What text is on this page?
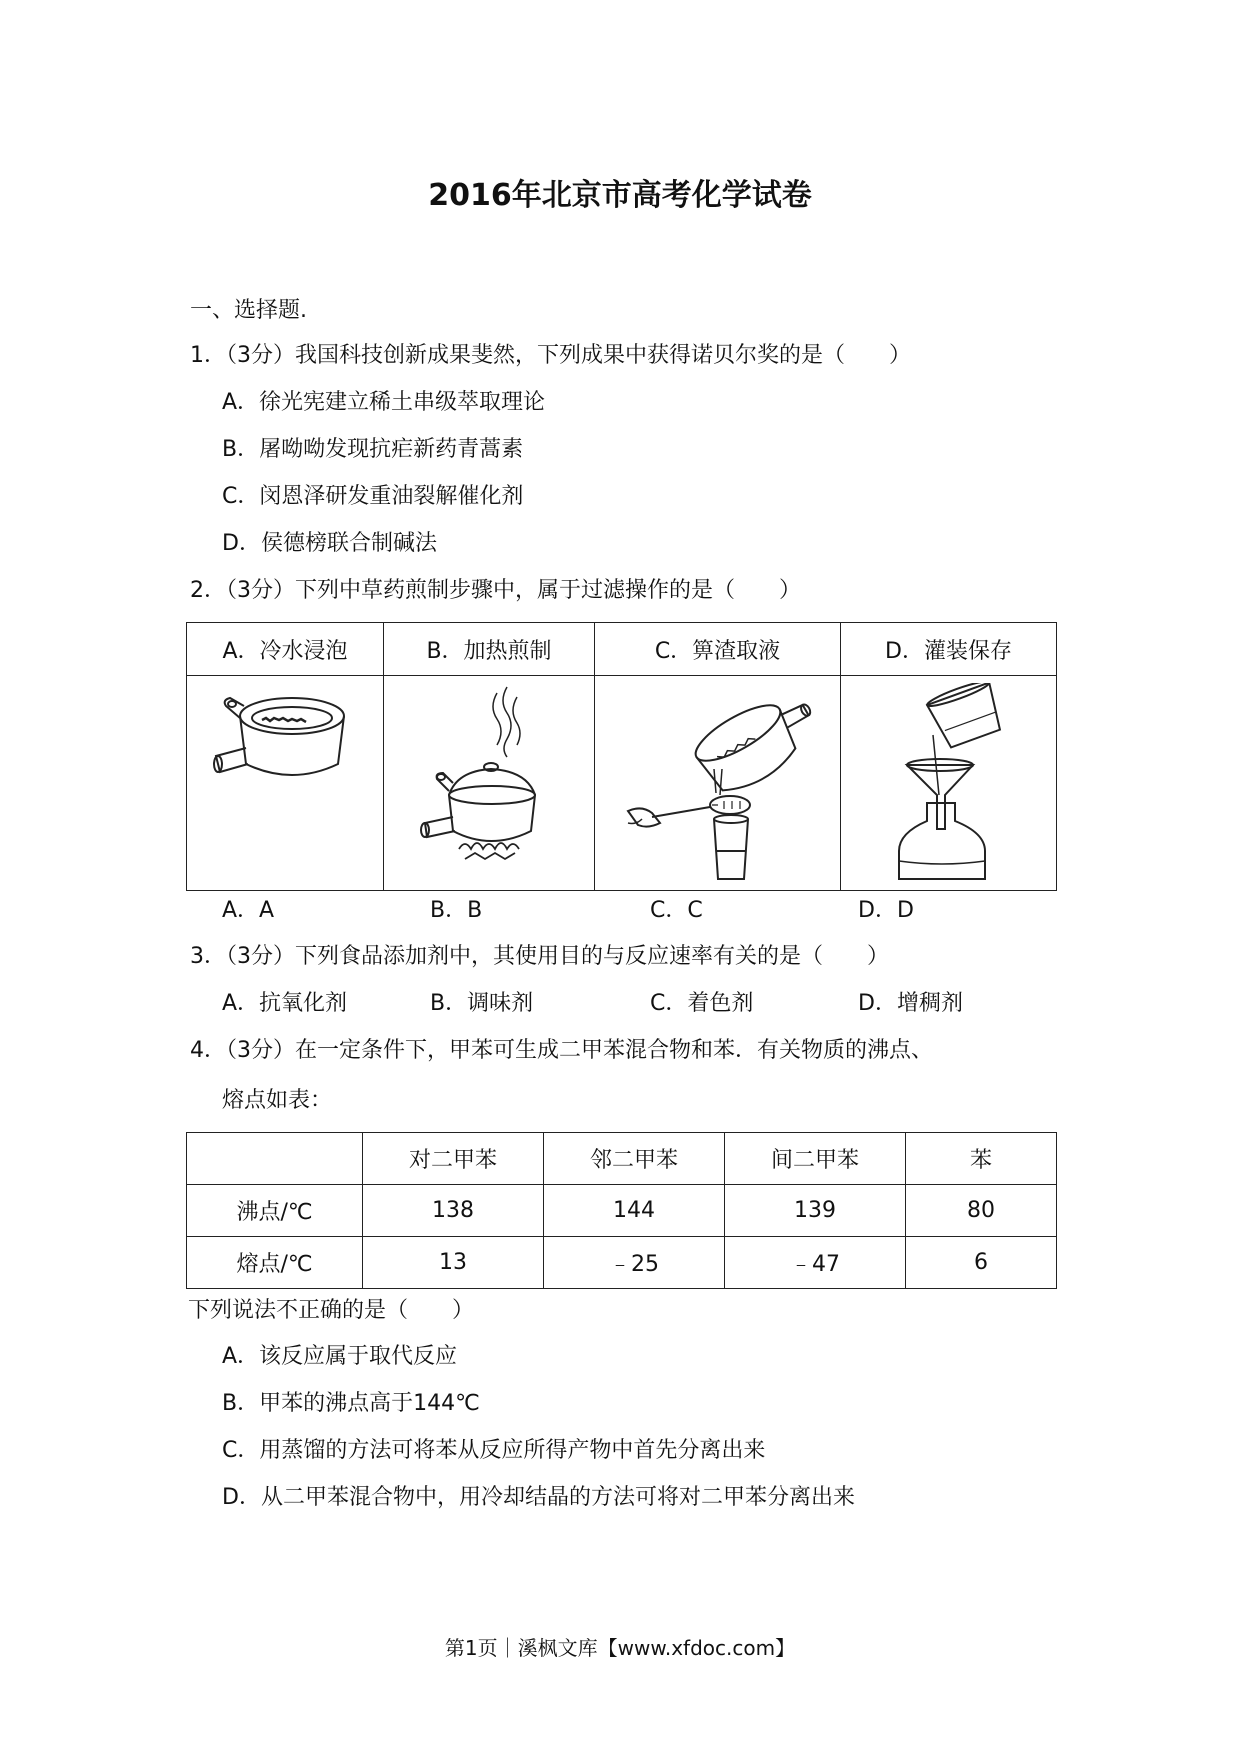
2016年北京市高考化学试卷
一、选择题.
1．（3分）我国科技创新成果斐然，下列成果中获得诺贝尔奖的是（　　）
A．徐光宪建立稀土串级萃取理论
B．屠呦呦发现抗疟新药青蒿素
C．闵恩泽研发重油裂解催化剂
D．侯德榜联合制碱法
2．（3分）下列中草药煎制步骤中，属于过滤操作的是（　　）
A．冷水浸泡	B．加热煎制	C．箅渣取液	D．灌装保存

A．A	B．B	C．C	D．D
3．（3分）下列食品添加剂中，其使用目的与反应速率有关的是（　　）
A．抗氧化剂	B．调味剂	C．着色剂	D．增稠剂
4．（3分）在一定条件下，甲苯可生成二甲苯混合物和苯．有关物质的沸点、
熔点如表：
	对二甲苯	邻二甲苯	间二甲苯	苯
沸点/℃	138	144	139	80
熔点/℃	13	﹣25	﹣47	6
下列说法不正确的是（　　）
A．该反应属于取代反应
B．甲苯的沸点高于144℃
C．用蒸馏的方法可将苯从反应所得产物中首先分离出来
D．从二甲苯混合物中，用冷却结晶的方法可将对二甲苯分离出来
第1页｜溪枫文库【www.xfdoc.com】
